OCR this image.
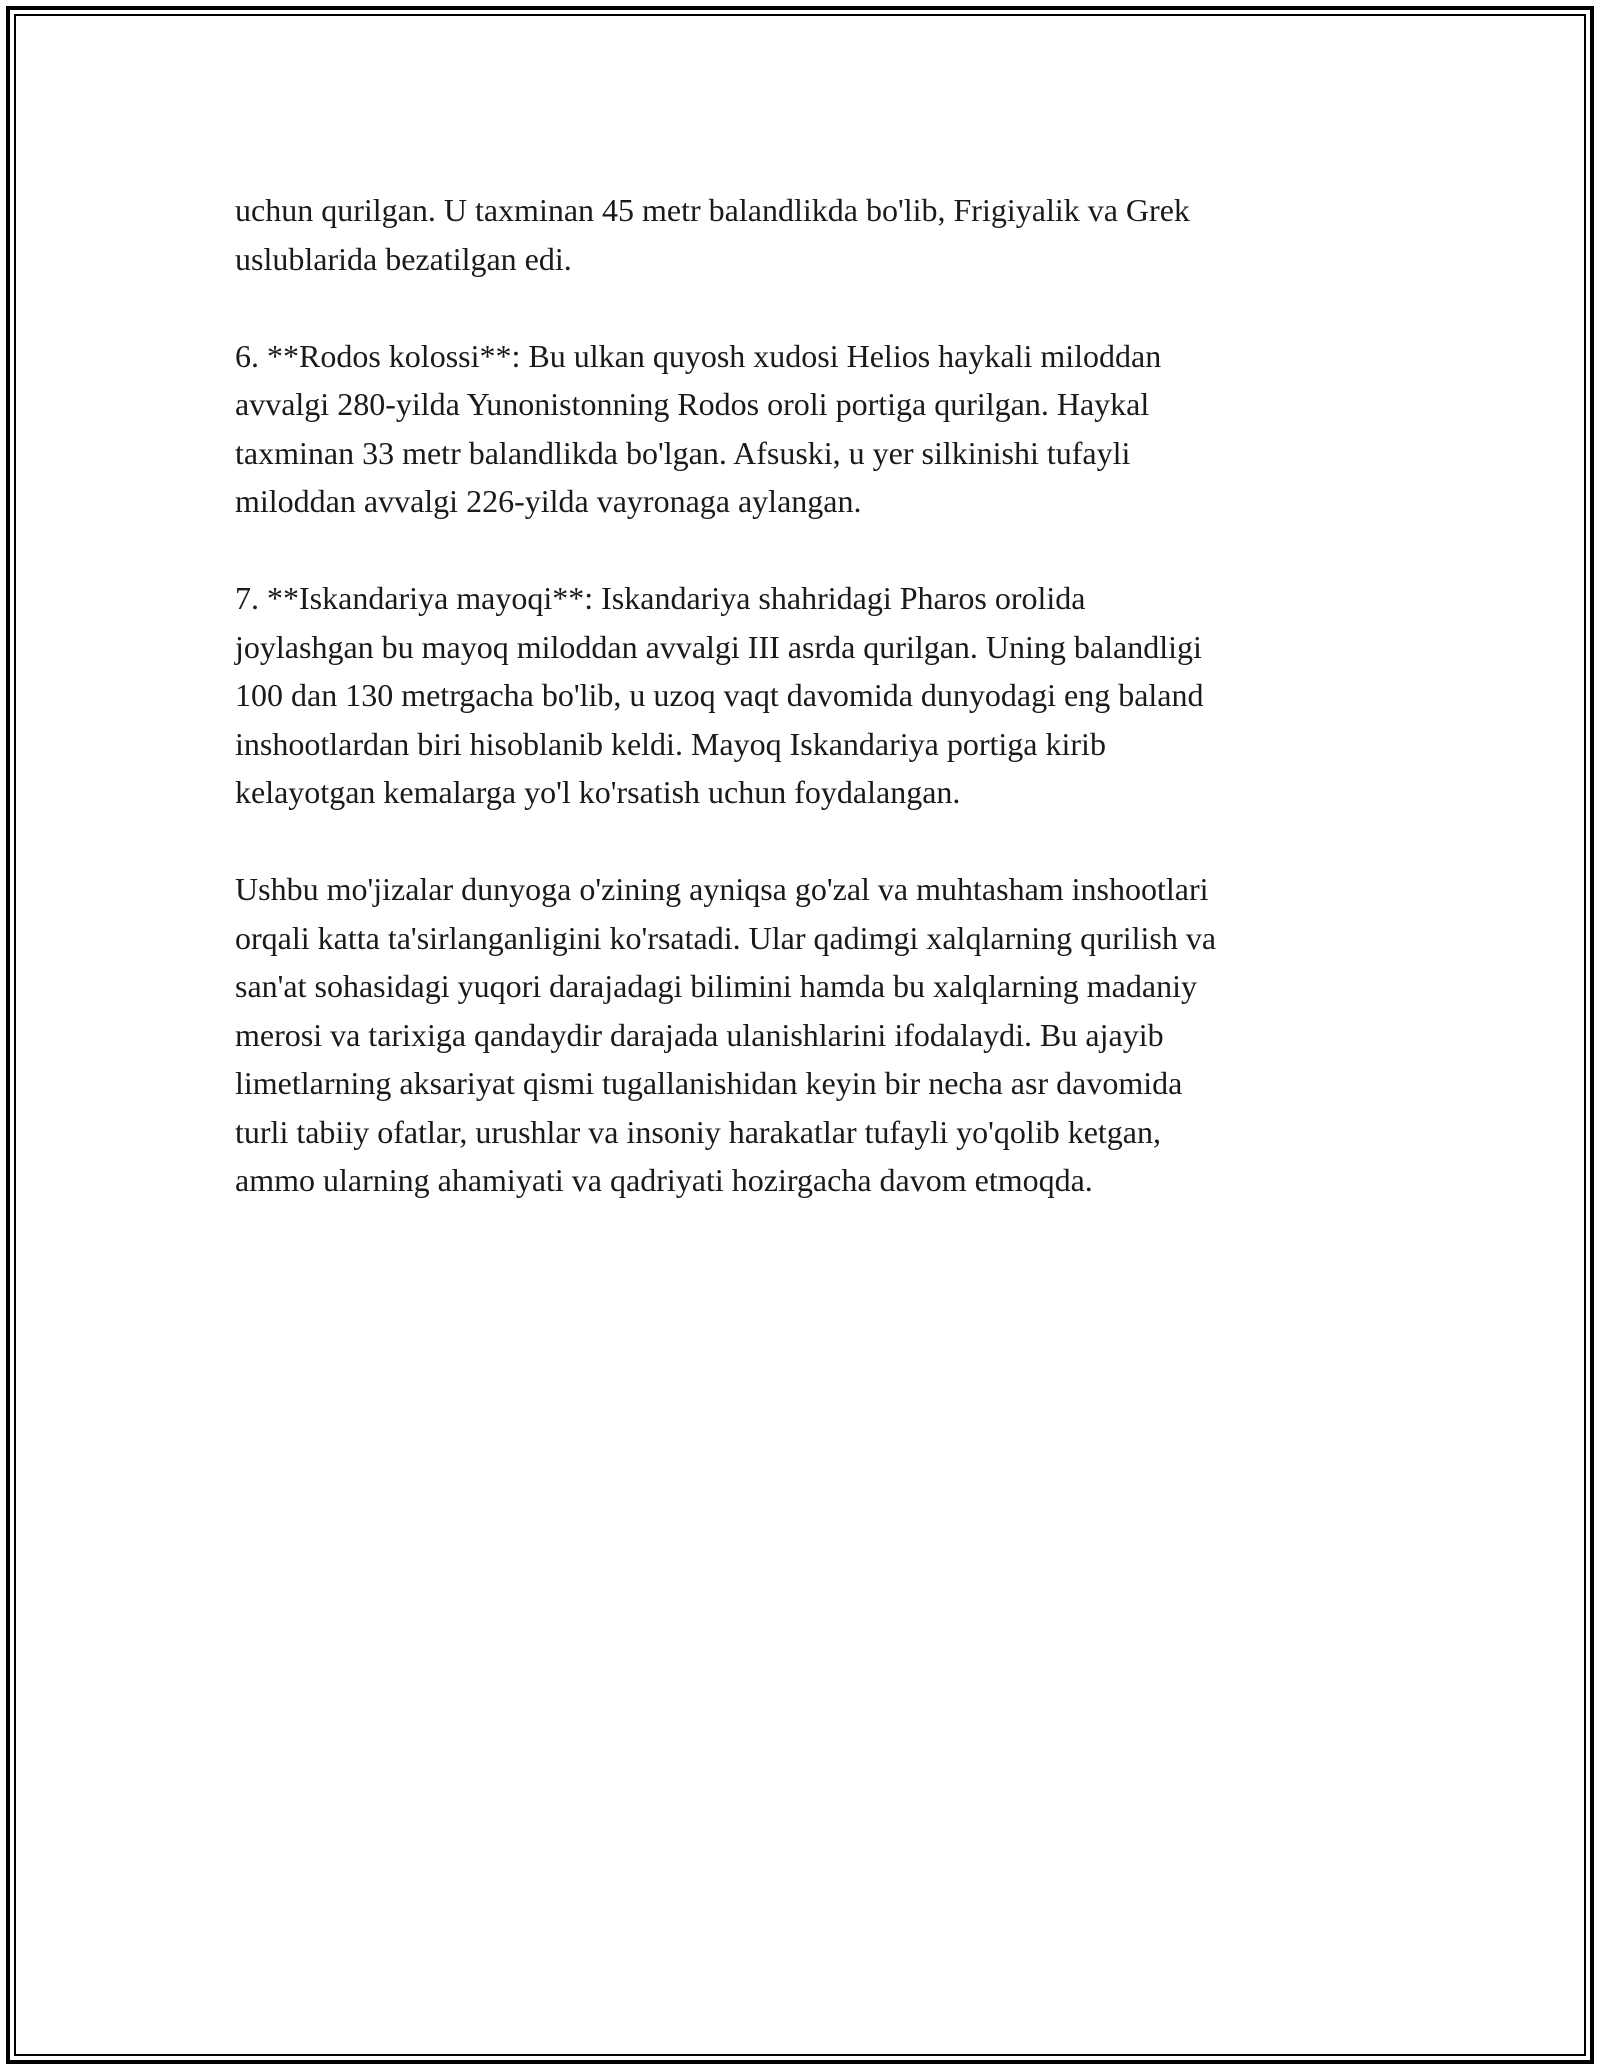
uchun qurilgan. U taxminan 45 metr balandlikda bo'lib, Frigiyalik va Grek
uslublarida bezatilgan edi.

6. **Rodos kolossi**: Bu ulkan quyosh xudosi Helios haykali miloddan
avvalgi 280-yilda Yunonistonning Rodos oroli portiga qurilgan. Haykal
taxminan 33 metr balandlikda bo'lgan. Afsuski, u yer silkinishi tufayli
miloddan avvalgi 226-yilda vayronaga aylangan.

7. **Iskandariya mayoqi**: Iskandariya shahridagi Pharos orolida
joylashgan bu mayoq miloddan avvalgi III asrda qurilgan. Uning balandligi
100 dan 130 metrgacha bo'lib, u uzoq vaqt davomida dunyodagi eng baland
inshootlardan biri hisoblanib keldi. Mayoq Iskandariya portiga kirib
kelayotgan kemalarga yo'l ko'rsatish uchun foydalangan.

Ushbu mo'jizalar dunyoga o'zining ayniqsa go'zal va muhtasham inshootlari
orqali katta ta'sirlanganligini ko'rsatadi. Ular qadimgi xalqlarning qurilish va
san'at sohasidagi yuqori darajadagi bilimini hamda bu xalqlarning madaniy
merosi va tarixiga qandaydir darajada ulanishlarini ifodalaydi. Bu ajayib
limetlarning aksariyat qismi tugallanishidan keyin bir necha asr davomida
turli tabiiy ofatlar, urushlar va insoniy harakatlar tufayli yo'qolib ketgan,
ammo ularning ahamiyati va qadriyati hozirgacha davom etmoqda.
